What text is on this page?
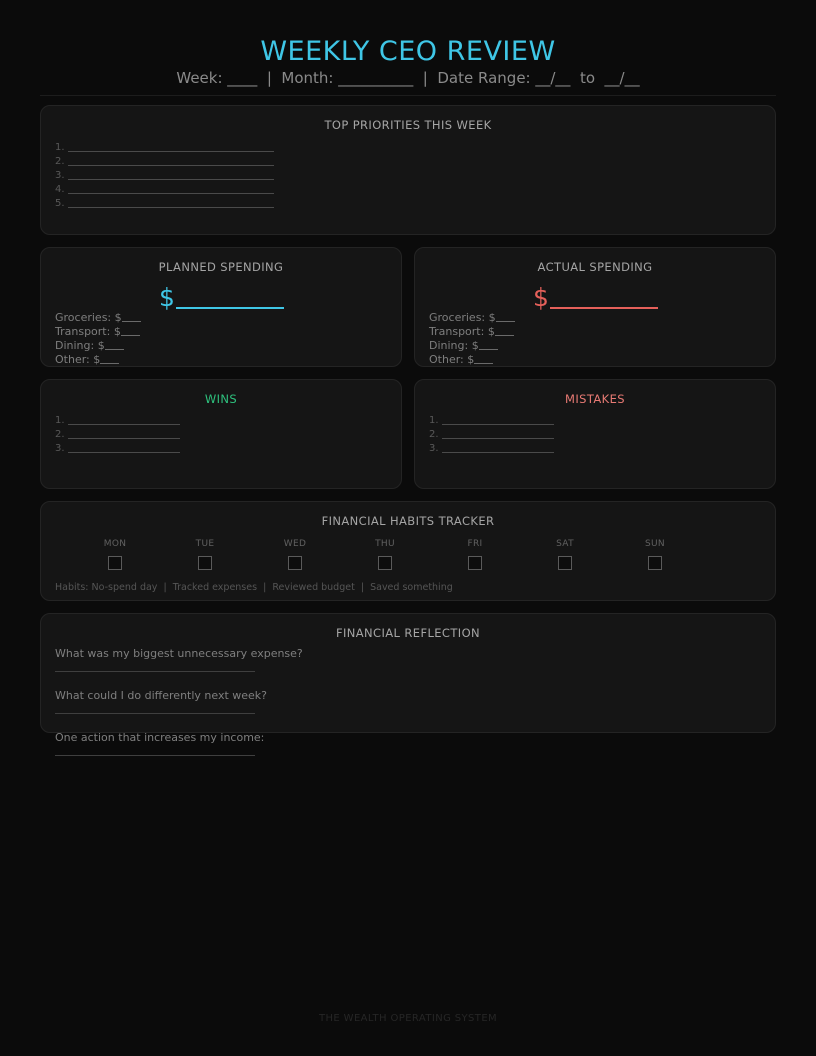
WEEKLY CEO REVIEW
Week: ____  |  Month: __________  |  Date Range: __/__  to  __/__
TOP PRIORITIES THIS WEEK
1.
2.
3.
4.
5.
PLANNED SPENDING
$
Groceries: $
Transport: $
Dining: $
Other: $
ACTUAL SPENDING
$
Groceries: $
Transport: $
Dining: $
Other: $
WINS
1.
2.
3.
MISTAKES
1.
2.
3.
FINANCIAL HABITS TRACKER
MON	TUE	WED	THU	FRI	SAT	SUN
Habits: No-spend day  |  Tracked expenses  |  Reviewed budget  |  Saved something
FINANCIAL REFLECTION
What was my biggest unnecessary expense?
What could I do differently next week?
One action that increases my income:
THE WEALTH OPERATING SYSTEM
